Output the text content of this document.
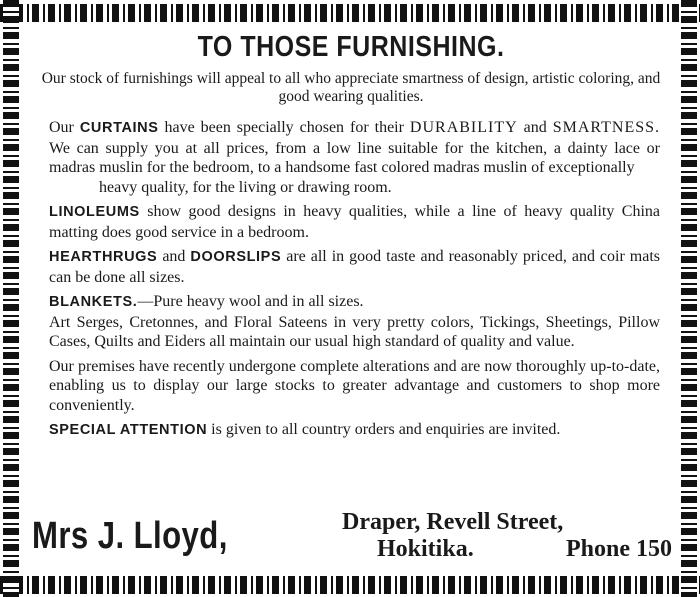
TO THOSE FURNISHING.
Our stock of furnishings will appeal to all who appreciate smartness of design, artistic coloring, and good wearing qualities.
Our CURTAINS have been specially chosen for their DURABILITY and SMARTNESS. We can supply you at all prices, from a low line suitable for the kitchen, a dainty lace or madras muslin for the bedroom, to a handsome fast colored madras muslin of exceptionally
heavy quality, for the living or drawing room.
LINOLEUMS show good designs in heavy qualities, while a line of heavy quality China matting does good service in a bedroom.
HEARTHRUGS and DOORSLIPS are all in good taste and reasonably priced, and coir mats can be done all sizes.
BLANKETS.—Pure heavy wool and in all sizes.
Art Serges, Cretonnes, and Floral Sateens in very pretty colors, Tickings, Sheetings, Pillow Cases, Quilts and Eiders all maintain our usual high standard of quality and value.
Our premises have recently undergone complete alterations and are now thoroughly up-to-date, enabling us to display our large stocks to greater advantage and customers to shop more conveniently.
SPECIAL ATTENTION is given to all country orders and enquiries are invited.
Mrs J. Lloyd,	Draper, Revell Street,
Hokitika.	Phone 150
